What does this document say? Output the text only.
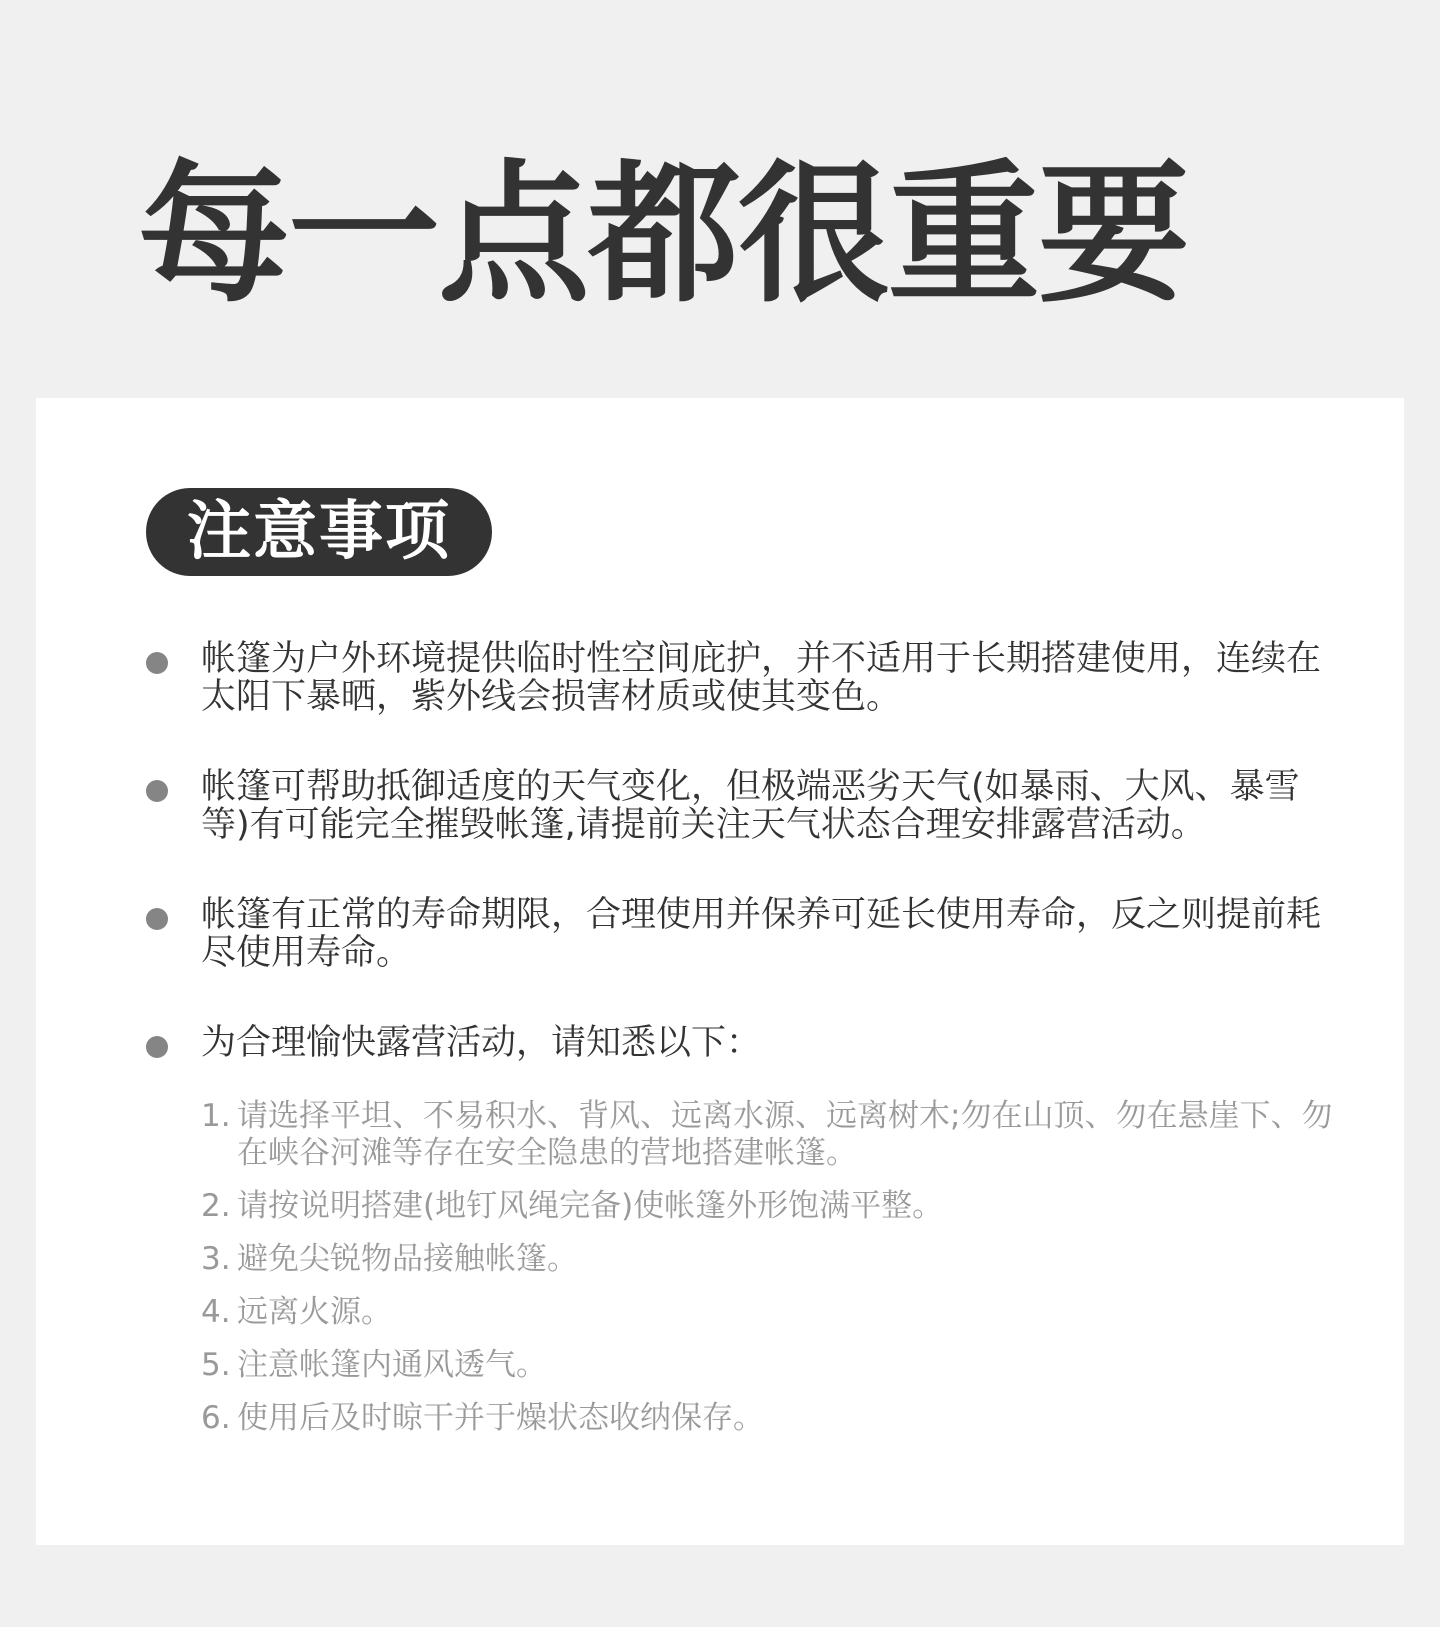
每一点都很重要
注意事项

帐篷为户外环境提供临时性空间庇护，并不适用于长期搭建使用，连续在太阳下暴晒，紫外线会损害材质或使其变色。

帐篷可帮助抵御适度的天气变化，但极端恶劣天气(如暴雨、大风、暴雪等)有可能完全摧毁帐篷,请提前关注天气状态合理安排露营活动。

帐篷有正常的寿命期限，合理使用并保养可延长使用寿命，反之则提前耗尽使用寿命。

为合理愉快露营活动，请知悉以下：

1. 请选择平坦、不易积水、背风、远离水源、远离树木;勿在山顶、勿在悬崖下、勿在峡谷河滩等存在安全隐患的营地搭建帐篷。
2. 请按说明搭建(地钉风绳完备)使帐篷外形饱满平整。
3. 避免尖锐物品接触帐篷。
4. 远离火源。
5. 注意帐篷内通风透气。
6. 使用后及时晾干并于燥状态收纳保存。
